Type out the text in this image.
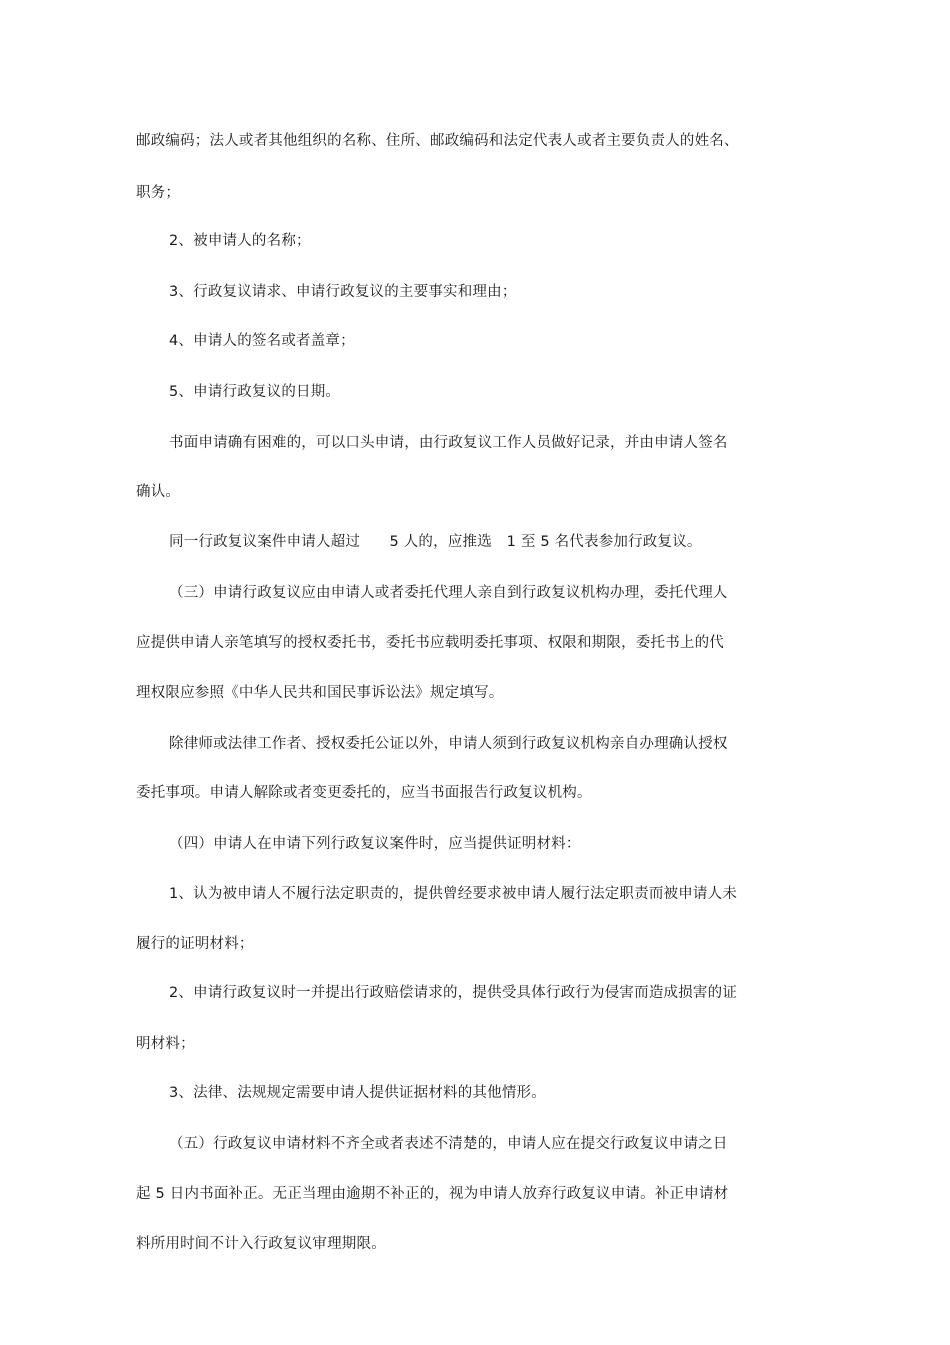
邮政编码；法人或者其他组织的名称、住所、邮政编码和法定代表人或者主要负责人的姓名、
职务；
2、被申请人的名称；
3、行政复议请求、申请行政复议的主要事实和理由；
4、申请人的签名或者盖章；
5、申请行政复议的日期。
书面申请确有困难的，可以口头申请，由行政复议工作人员做好记录，并由申请人签名
确认。
同一行政复议案件申请人超过　　5 人的，应推选　1 至 5 名代表参加行政复议。
（三）申请行政复议应由申请人或者委托代理人亲自到行政复议机构办理，委托代理人
应提供申请人亲笔填写的授权委托书，委托书应载明委托事项、权限和期限，委托书上的代
理权限应参照《中华人民共和国民事诉讼法》规定填写。
除律师或法律工作者、授权委托公证以外，申请人须到行政复议机构亲自办理确认授权
委托事项。申请人解除或者变更委托的，应当书面报告行政复议机构。
（四）申请人在申请下列行政复议案件时，应当提供证明材料：
1、认为被申请人不履行法定职责的，提供曾经要求被申请人履行法定职责而被申请人未
履行的证明材料；
2、申请行政复议时一并提出行政赔偿请求的，提供受具体行政行为侵害而造成损害的证
明材料；
3、法律、法规规定需要申请人提供证据材料的其他情形。
（五）行政复议申请材料不齐全或者表述不清楚的，申请人应在提交行政复议申请之日
起 5 日内书面补正。无正当理由逾期不补正的，视为申请人放弃行政复议申请。补正申请材
料所用时间不计入行政复议审理期限。
